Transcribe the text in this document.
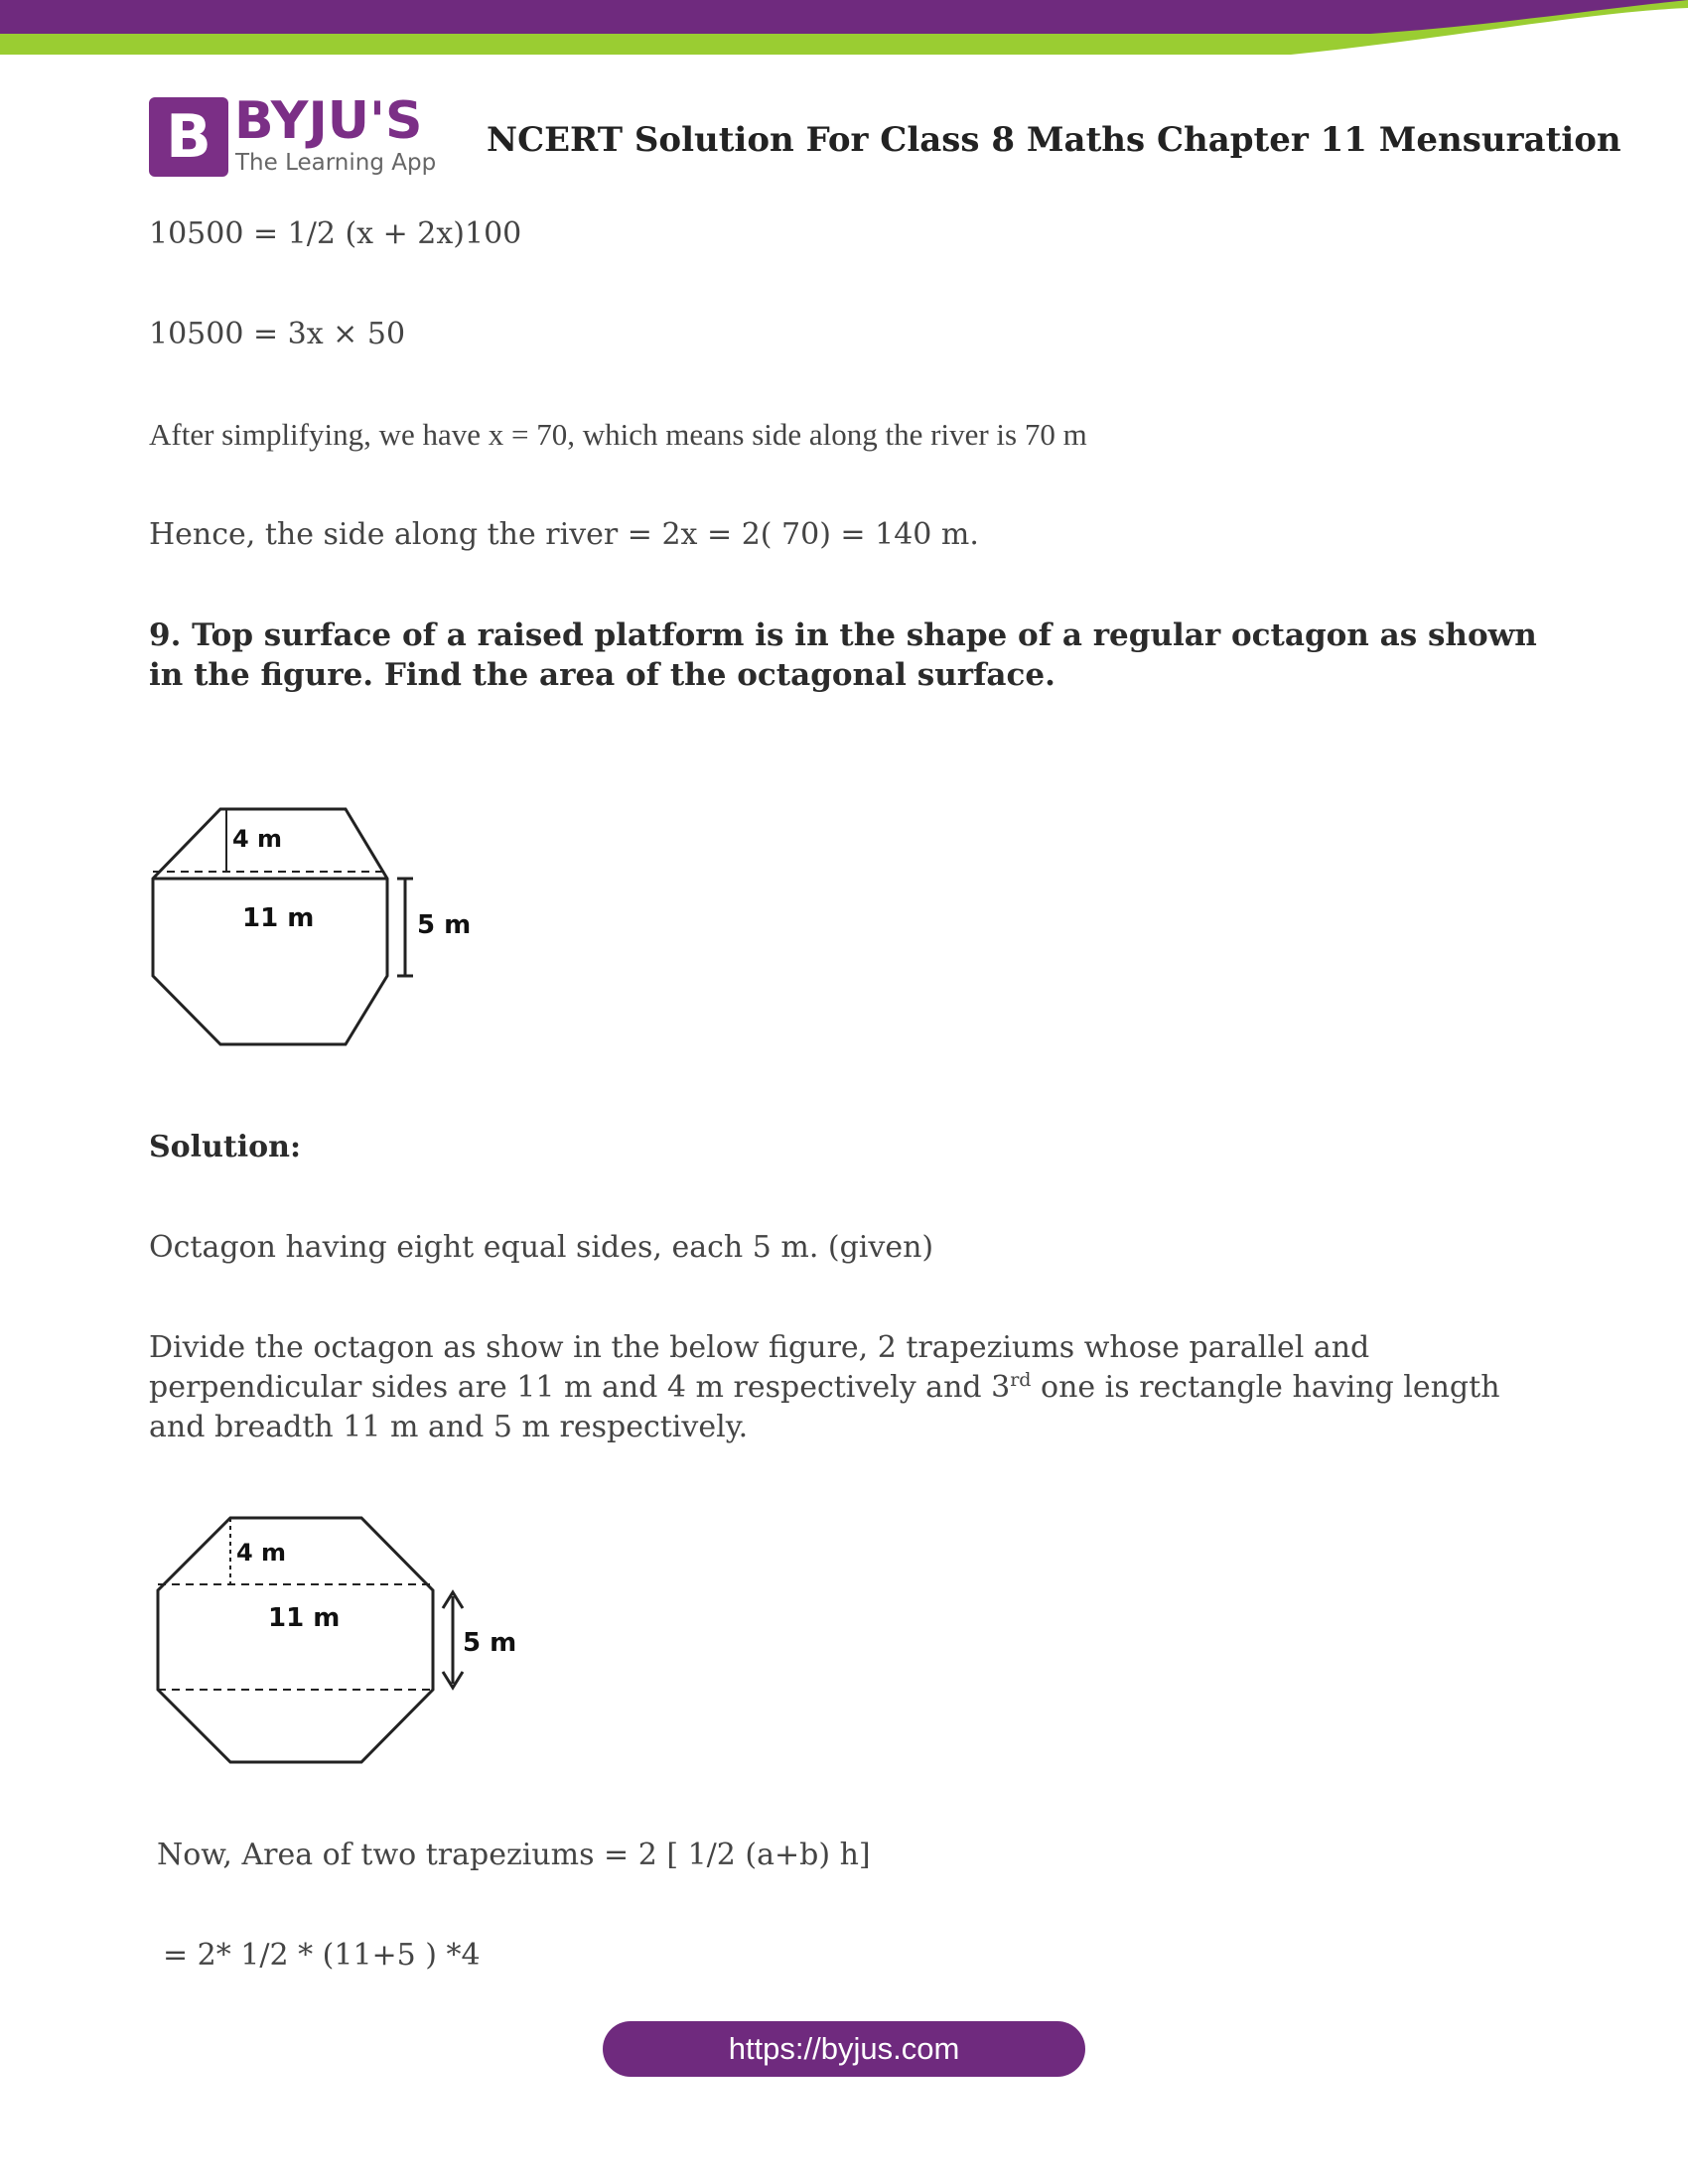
B BYJU'S
The Learning App
NCERT Solution For Class 8 Maths Chapter 11 Mensuration
10500 = 1/2 (x + 2x)100
10500 = 3x × 50
After simplifying, we have x = 70, which means side along the river is 70 m
Hence, the side along the river = 2x = 2( 70) = 140 m.
9. Top surface of a raised platform is in the shape of a regular octagon as shown in the figure. Find the area of the octagonal surface.
4 m
11 m	5 m
Solution:
Octagon having eight equal sides, each 5 m. (given)
Divide the octagon as show in the below figure, 2 trapeziums whose parallel and perpendicular sides are 11 m and 4 m respectively and 3rd one is rectangle having length and breadth 11 m and 5 m respectively.
4 m
11 m
5 m
Now, Area of two trapeziums = 2 [ 1/2 (a+b) h]
= 2* 1/2 * (11+5 ) *4
https://byjus.com
